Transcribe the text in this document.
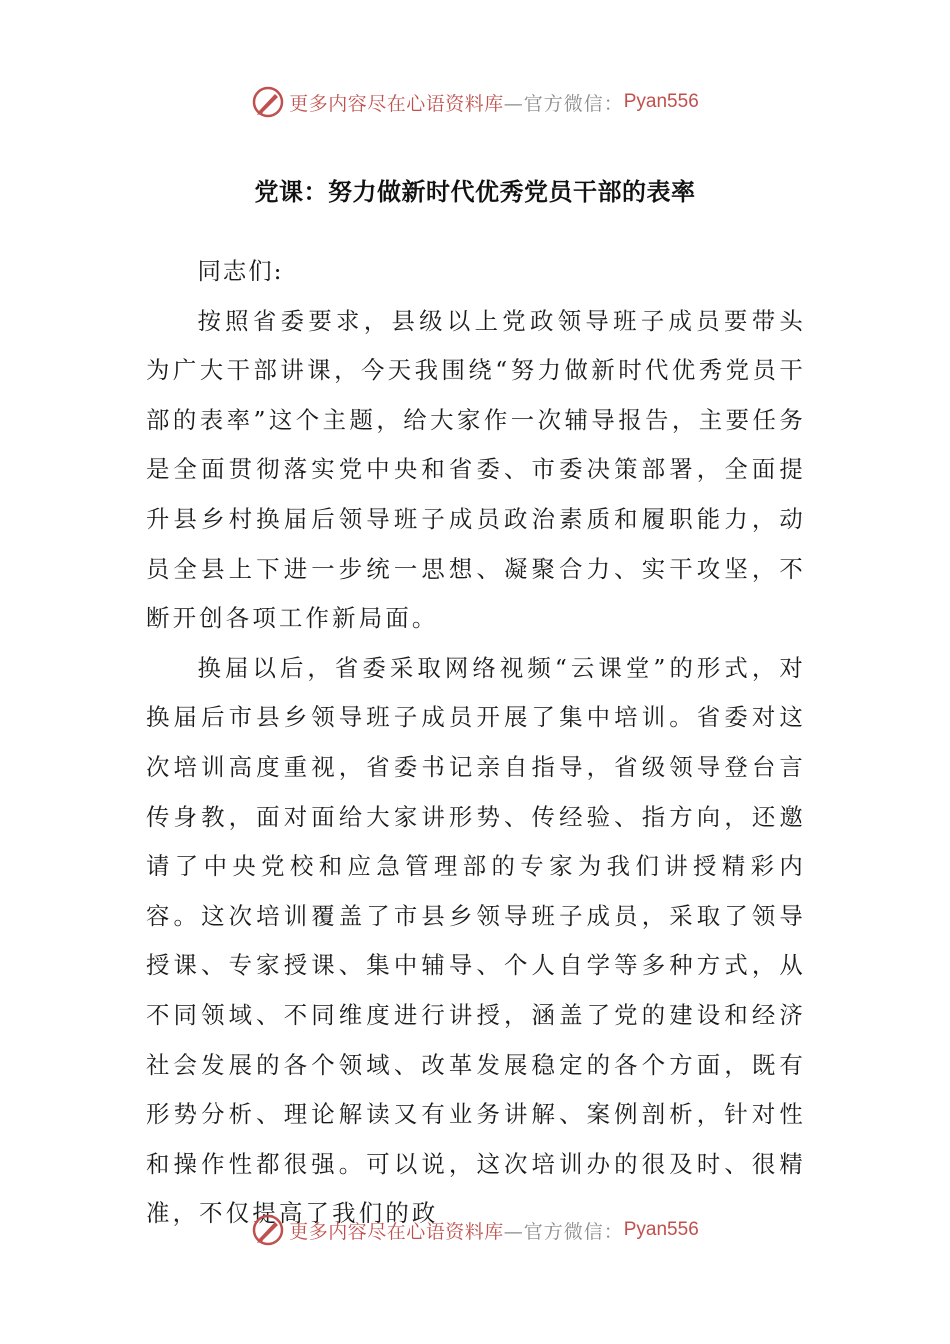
更多内容尽在心语资料库 —官方微信： Pyan556
党课：努力做新时代优秀党员干部的表率

同志们:

按照省委要求，县级以上党政领导班子成员要带头为广大干部讲课，今天我围绕“努力做新时代优秀党员干部的表率”这个主题，给大家作一次辅导报告，主要任务是全面贯彻落实党中央和省委、市委决策部署，全面提升县乡村换届后领导班子成员政治素质和履职能力，动员全县上下进一步统一思想、凝聚合力、实干攻坚，不断开创各项工作新局面。

换届以后，省委采取网络视频“云课堂”的形式，对换届后市县乡领导班子成员开展了集中培训。省委对这次培训高度重视，省委书记亲自指导，省级领导登台言传身教，面对面给大家讲形势、传经验、指方向，还邀请了中央党校和应急管理部的专家为我们讲授精彩内容。这次培训覆盖了市县乡领导班子成员，采取了领导授课、专家授课、集中辅导、个人自学等多种方式，从不同领域、不同维度进行讲授，涵盖了党的建设和经济社会发展的各个领域、改革发展稳定的各个方面，既有形势分析、理论解读又有业务讲解、案例剖析，针对性和操作性都很强。可以说，这次培训办的很及时、很精准，不仅提高了我们的政

更多内容尽在心语资料库 —官方微信： Pyan556
